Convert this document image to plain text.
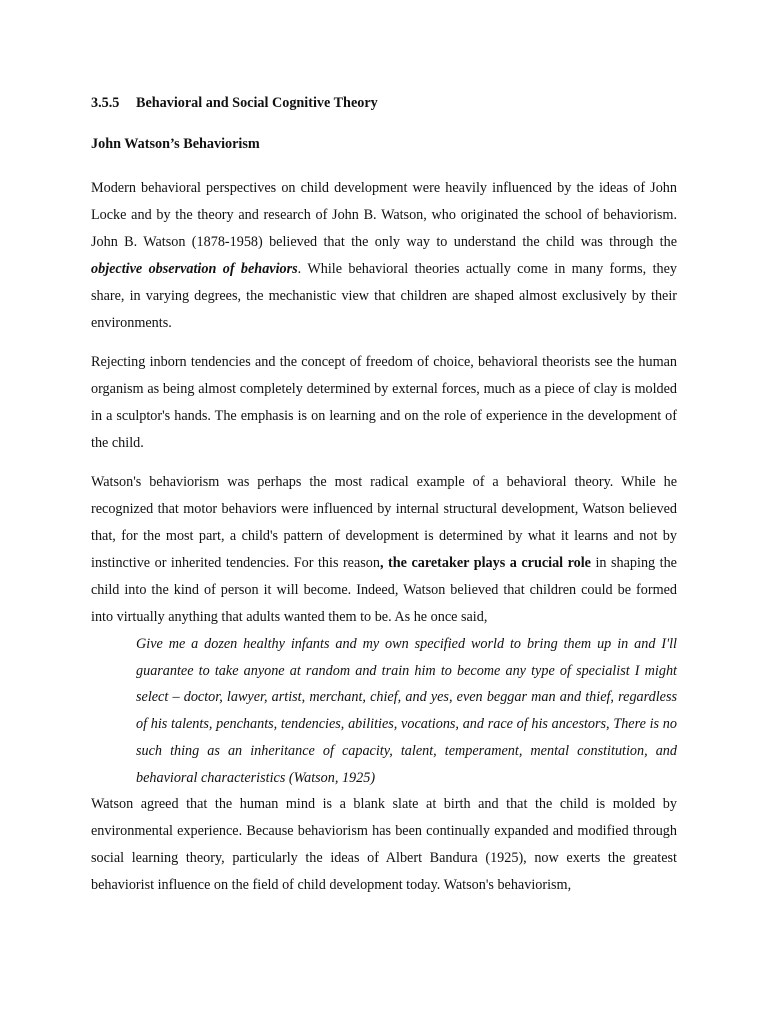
3.5.5 Behavioral and Social Cognitive Theory
John Watson’s Behaviorism

Modern behavioral perspectives on child development were heavily influenced by the ideas of John Locke and by the theory and research of John B. Watson, who originated the school of behaviorism. John B. Watson (1878-1958) believed that the only way to understand the child was through the objective observation of behaviors. While behavioral theories actually come in many forms, they share, in varying degrees, the mechanistic view that children are shaped almost exclusively by their environments.

Rejecting inborn tendencies and the concept of freedom of choice, behavioral theorists see the human organism as being almost completely determined by external forces, much as a piece of clay is molded in a sculptor's hands. The emphasis is on learning and on the role of experience in the development of the child.

Watson's behaviorism was perhaps the most radical example of a behavioral theory. While he recognized that motor behaviors were influenced by internal structural development, Watson believed that, for the most part, a child's pattern of development is determined by what it learns and not by instinctive or inherited tendencies. For this reason, the caretaker plays a crucial role in shaping the child into the kind of person it will become. Indeed, Watson believed that children could be formed into virtually anything that adults wanted them to be. As he once said,

Give me a dozen healthy infants and my own specified world to bring them up in and I'll guarantee to take anyone at random and train him to become any type of specialist I might select – doctor, lawyer, artist, merchant, chief, and yes, even beggar man and thief, regardless of his talents, penchants, tendencies, abilities, vocations, and race of his ancestors, There is no such thing as an inheritance of capacity, talent, temperament, mental constitution, and behavioral characteristics (Watson, 1925)

Watson agreed that the human mind is a blank slate at birth and that the child is molded by environmental experience. Because behaviorism has been continually expanded and modified through social learning theory, particularly the ideas of Albert Bandura (1925), now exerts the greatest behaviorist influence on the field of child development today. Watson's behaviorism,
